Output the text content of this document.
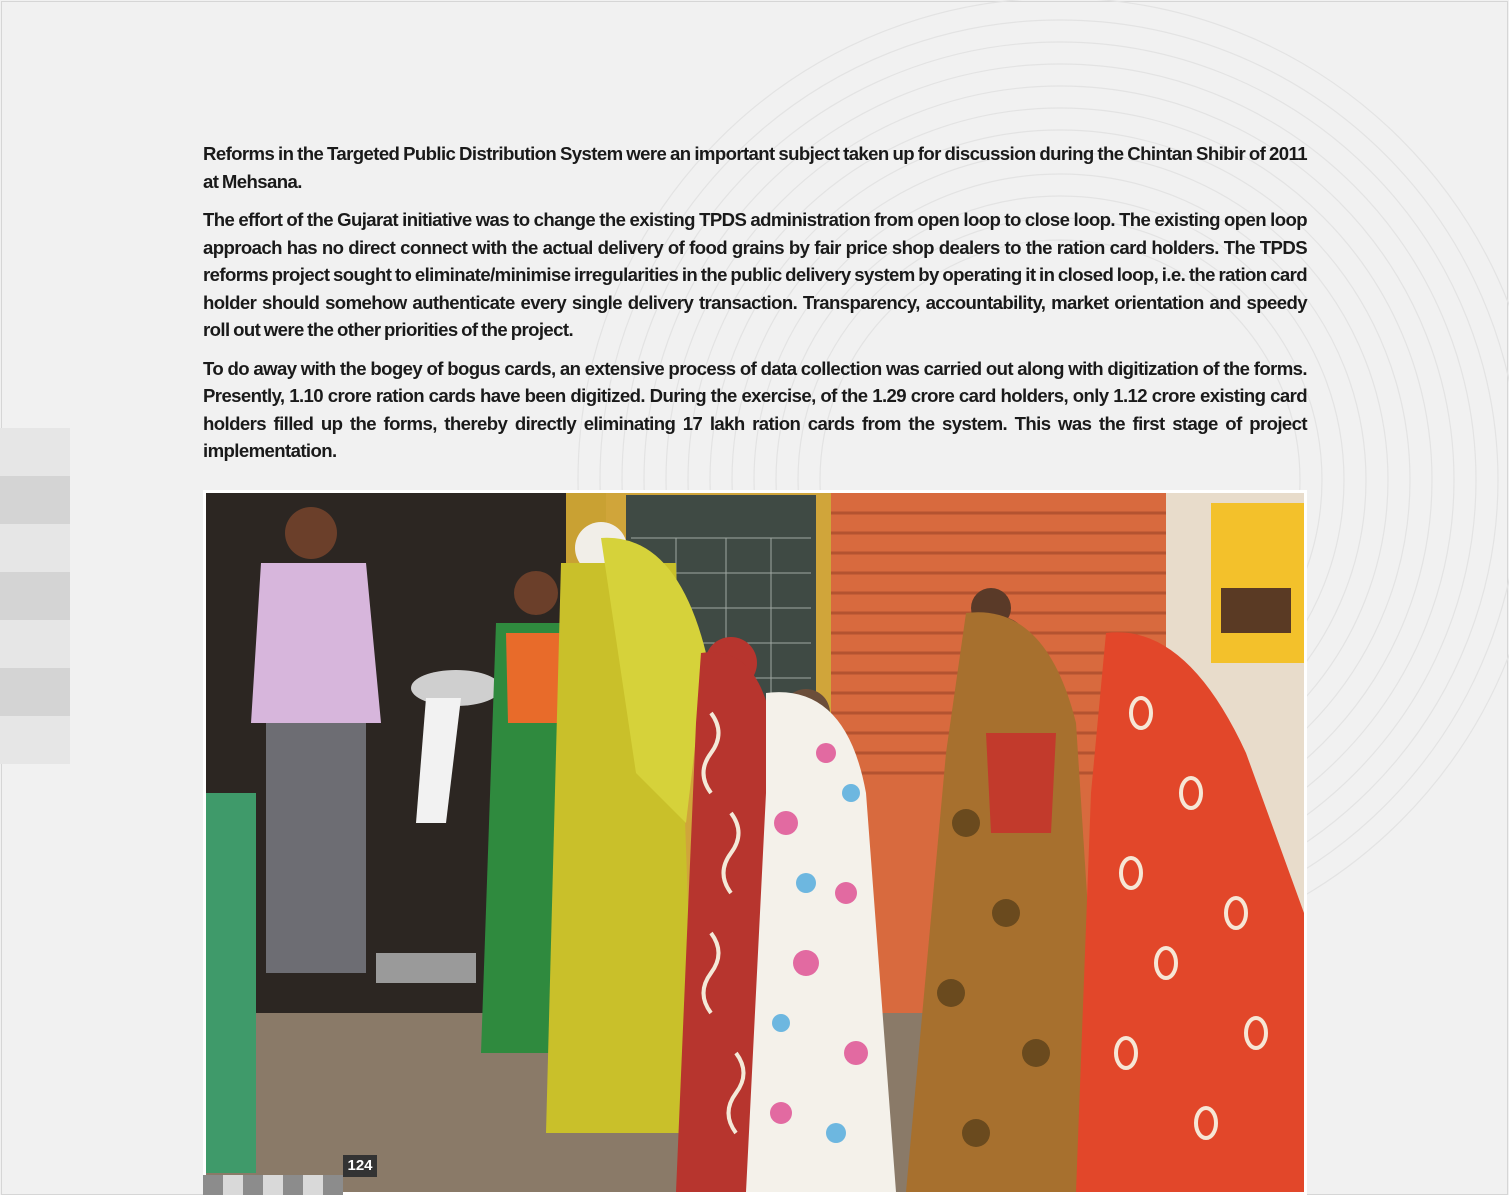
Reforms in the Targeted Public Distribution System were an important subject taken up for discussion during the Chintan Shibir of 2011 at Mehsana.

The effort of the Gujarat initiative was to change the existing TPDS administration from open loop to close loop. The existing open loop approach has no direct connect with the actual delivery of food grains by fair price shop dealers to the ration card holders. The TPDS reforms project sought to eliminate/minimise irregularities in the public delivery system by operating it in closed loop, i.e. the ration card holder should somehow authenticate every single delivery transaction. Transparency, accountability, market orientation and speedy roll out were the other priorities of the project.

To do away with the bogey of bogus cards, an extensive process of data collection was carried out along with digitization of the forms. Presently, 1.10 crore ration cards have been digitized. During the exercise, of the 1.29 crore card holders, only 1.12 crore existing card holders filled up the forms, thereby directly eliminating 17 lakh ration cards from the system. This was the first stage of project implementation.

124
